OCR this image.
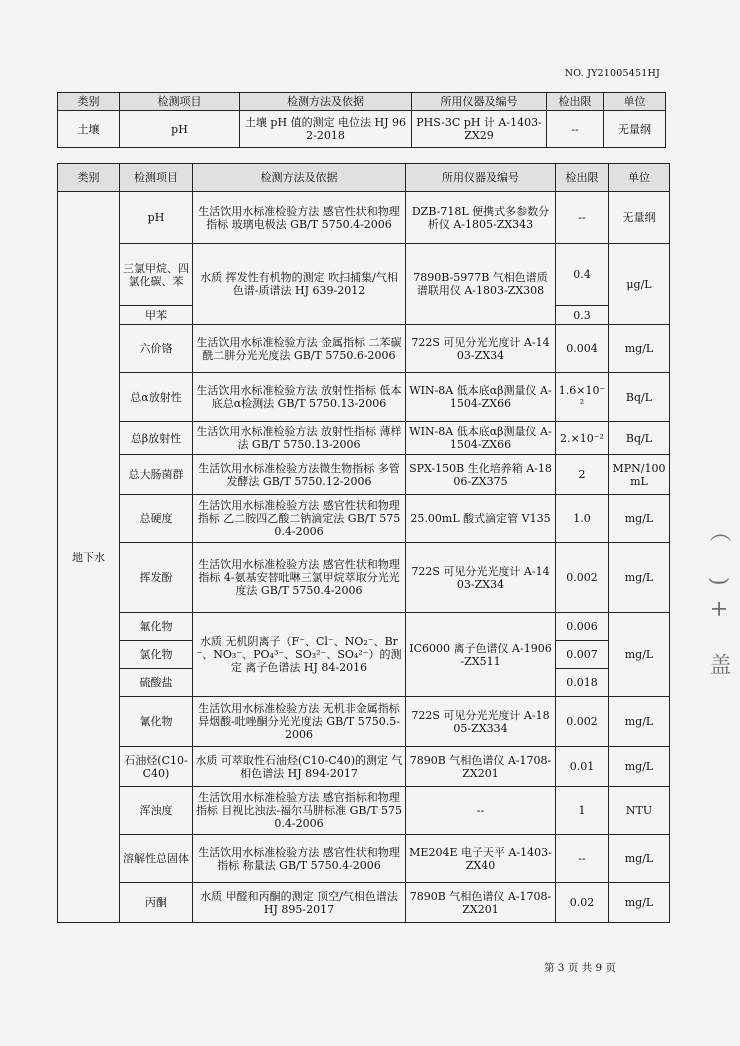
NO. JY21005451HJ
类别	检测项目	检测方法及依据	所用仪器及编号	检出限	单位
土壤	pH	土壤 pH 值的测定 电位法 HJ 962-2018	PHS-3C pH 计 A-1403-ZX29	--	无量纲
类别	检测项目	检测方法及依据	所用仪器及编号	检出限	单位
地下水	pH	生活饮用水标准检验方法 感官性状和物理指标 玻璃电极法 GB/T 5750.4-2006	DZB-718L 便携式多参数分析仪 A-1805-ZX343	--	无量纲
	三氯甲烷、四氯化碳、苯	水质 挥发性有机物的测定 吹扫捕集/气相色谱-质谱法 HJ 639-2012	7890B-5977B 气相色谱质谱联用仪 A-1803-ZX308	0.4	μg/L
	甲苯			0.3	
	六价铬	生活饮用水标准检验方法 金属指标 二苯碳酰二肼分光光度法 GB/T 5750.6-2006	722S 可见分光光度计 A-1403-ZX34	0.004	mg/L
	总α放射性	生活饮用水标准检验方法 放射性指标 低本底总α检测法 GB/T 5750.13-2006	WIN-8A 低本底αβ测量仪 A-1504-ZX66	1.6×10⁻²	Bq/L
	总β放射性	生活饮用水标准检验方法 放射性指标 薄样法 GB/T 5750.13-2006	WIN-8A 低本底αβ测量仪 A-1504-ZX66	2.×10⁻²	Bq/L
	总大肠菌群	生活饮用水标准检验方法微生物指标 多管发酵法 GB/T 5750.12-2006	SPX-150B 生化培养箱 A-1806-ZX375	2	MPN/100mL
	总硬度	生活饮用水标准检验方法 感官性状和物理指标 乙二胺四乙酸二钠滴定法 GB/T 5750.4-2006	25.00mL 酸式滴定管 V135	1.0	mg/L
	挥发酚	生活饮用水标准检验方法 感官性状和物理指标 4-氨基安替吡啉三氯甲烷萃取分光光度法 GB/T 5750.4-2006	722S 可见分光光度计 A-1403-ZX34	0.002	mg/L
	氟化物	水质 无机阴离子（F⁻、Cl⁻、NO₂⁻、Br⁻、NO₃⁻、PO₄³⁻、SO₃²⁻、SO₄²⁻）的测定 离子色谱法 HJ 84-2016	IC6000 离子色谱仪 A-1906-ZX511	0.006	mg/L
	氯化物			0.007	
	硫酸盐			0.018	
	氰化物	生活饮用水标准检验方法 无机非金属指标 异烟酸-吡唑酮分光光度法 GB/T 5750.5-2006	722S 可见分光光度计 A-1805-ZX334	0.002	mg/L
	石油烃(C10-C40)	水质 可萃取性石油烃(C10-C40)的测定 气相色谱法 HJ 894-2017	7890B 气相色谱仪 A-1708-ZX201	0.01	mg/L
	浑浊度	生活饮用水标准检验方法 感官指标和物理指标 目视比浊法-福尔马肼标准 GB/T 5750.4-2006	--	1	NTU
	溶解性总固体	生活饮用水标准检验方法 感官性状和物理指标 称量法 GB/T 5750.4-2006	ME204E 电子天平 A-1403-ZX40	--	mg/L
	丙酮	水质 甲醛和丙酮的测定 顶空/气相色谱法 HJ 895-2017	7890B 气相色谱仪 A-1708-ZX201	0.02	mg/L
第 3 页 共 9 页
（ )+ 盖
